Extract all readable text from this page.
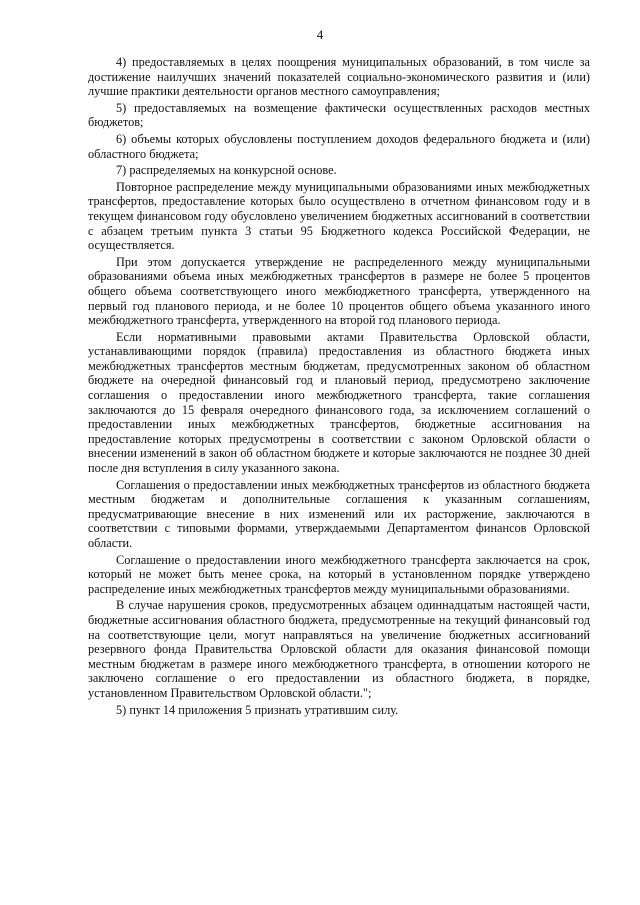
4

4) предоставляемых в целях поощрения муниципальных образований, в том числе за достижение наилучших значений показателей социально-экономического развития и (или) лучшие практики деятельности органов местного самоуправления;

5) предоставляемых на возмещение фактически осуществленных расходов местных бюджетов;

6) объемы которых обусловлены поступлением доходов федерального бюджета и (или) областного бюджета;

7) распределяемых на конкурсной основе.

Повторное распределение между муниципальными образованиями иных межбюджетных трансфертов, предоставление которых было осуществлено в отчетном финансовом году и в текущем финансовом году обусловлено увеличением бюджетных ассигнований в соответствии с абзацем третьим пункта 3 статьи 95 Бюджетного кодекса Российской Федерации, не осуществляется.

При этом допускается утверждение не распределенного между муниципальными образованиями объема иных межбюджетных трансфертов в размере не более 5 процентов общего объема соответствующего иного межбюджетного трансферта, утвержденного на первый год планового периода, и не более 10 процентов общего объема указанного иного межбюджетного трансферта, утвержденного на второй год планового периода.

Если нормативными правовыми актами Правительства Орловской области, устанавливающими порядок (правила) предоставления из областного бюджета иных межбюджетных трансфертов местным бюджетам, предусмотренных законом об областном бюджете на очередной финансовый год и плановый период, предусмотрено заключение соглашения о предоставлении иного межбюджетного трансферта, такие соглашения заключаются до 15 февраля очередного финансового года, за исключением соглашений о предоставлении иных межбюджетных трансфертов, бюджетные ассигнования на предоставление которых предусмотрены в соответствии с законом Орловской области о внесении изменений в закон об областном бюджете и которые заключаются не позднее 30 дней после дня вступления в силу указанного закона.

Соглашения о предоставлении иных межбюджетных трансфертов из областного бюджета местным бюджетам и дополнительные соглашения к указанным соглашениям, предусматривающие внесение в них изменений или их расторжение, заключаются в соответствии с типовыми формами, утверждаемыми Департаментом финансов Орловской области.

Соглашение о предоставлении иного межбюджетного трансферта заключается на срок, который не может быть менее срока, на который в установленном порядке утверждено распределение иных межбюджетных трансфертов между муниципальными образованиями.

В случае нарушения сроков, предусмотренных абзацем одиннадцатым настоящей части, бюджетные ассигнования областного бюджета, предусмотренные на текущий финансовый год на соответствующие цели, могут направляться на увеличение бюджетных ассигнований резервного фонда Правительства Орловской области для оказания финансовой помощи местным бюджетам в размере иного межбюджетного трансферта, в отношении которого не заключено соглашение о его предоставлении из областного бюджета, в порядке, установленном Правительством Орловской области.";

5) пункт 14 приложения 5 признать утратившим силу.
